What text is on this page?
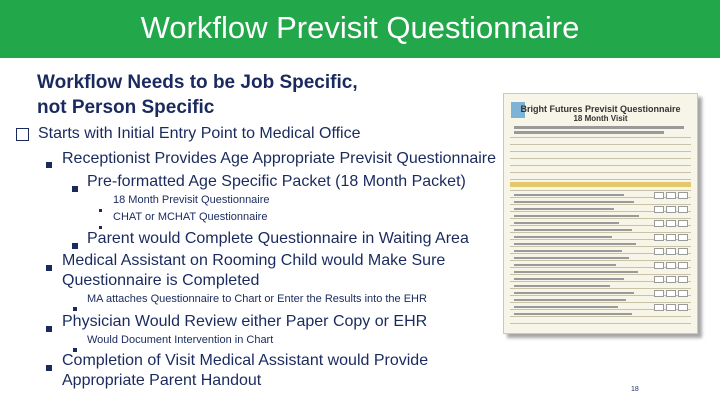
Workflow Previsit Questionnaire
Workflow Needs to be Job Specific,
not Person Specific
Starts with Initial Entry Point to Medical Office
Receptionist Provides Age Appropriate Previsit Questionnaire
Pre-formatted Age Specific Packet (18 Month Packet)
18 Month Previsit Questionnaire
CHAT or MCHAT Questionnaire
Parent would Complete Questionnaire in Waiting Area
Medical Assistant on Rooming Child would Make Sure
Questionnaire is Completed
MA attaches Questionnaire to Chart or Enter the Results into the EHR
Physician Would Review either Paper Copy or EHR
Would Document Intervention in Chart
Completion of Visit Medical Assistant would Provide
Appropriate Parent Handout
Bright Futures Previsit Questionnaire
18 Month Visit
18
